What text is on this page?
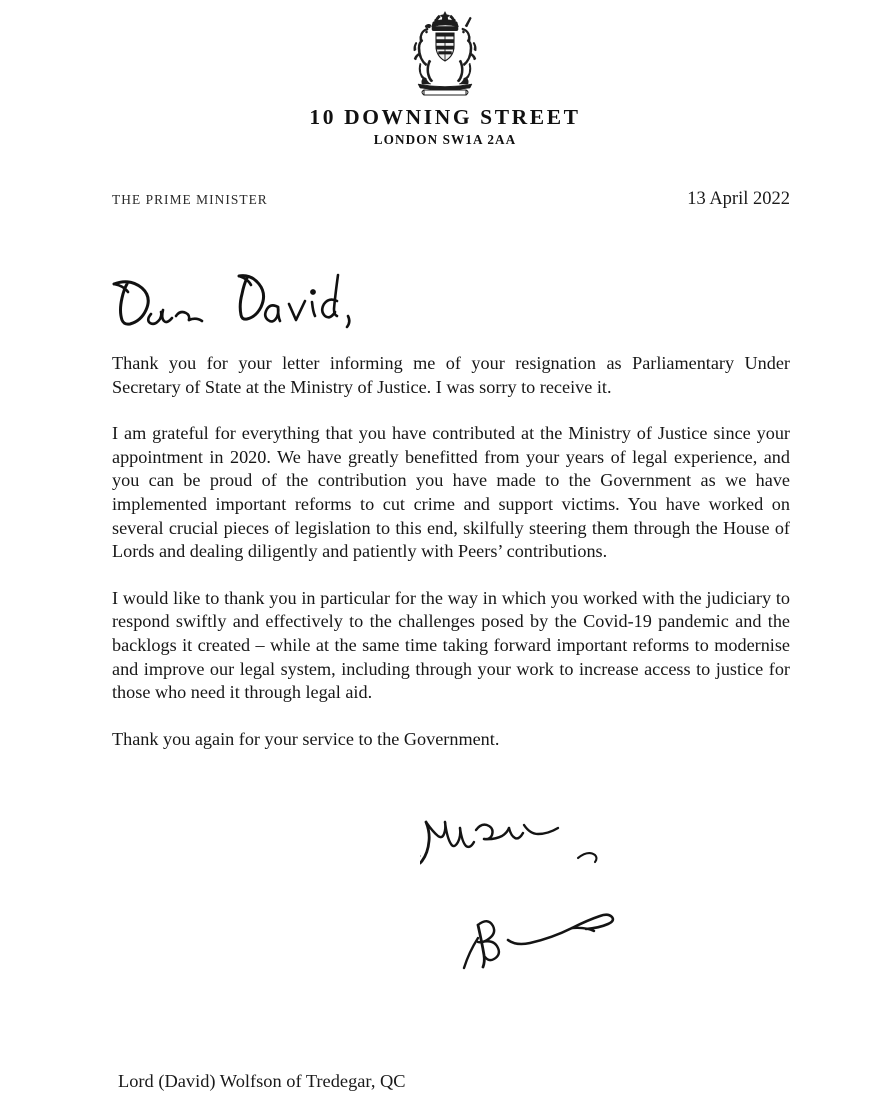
10 DOWNING STREET
LONDON SW1A 2AA
THE PRIME MINISTER	13 April 2022

Thank you for your letter informing me of your resignation as Parliamentary Under Secretary of State at the Ministry of Justice. I was sorry to receive it.

I am grateful for everything that you have contributed at the Ministry of Justice since your appointment in 2020. We have greatly benefitted from your years of legal experience, and you can be proud of the contribution you have made to the Government as we have implemented important reforms to cut crime and support victims. You have worked on several crucial pieces of legislation to this end, skilfully steering them through the House of Lords and dealing diligently and patiently with Peers’ contributions.

I would like to thank you in particular for the way in which you worked with the judiciary to respond swiftly and effectively to the challenges posed by the Covid-19 pandemic and the backlogs it created – while at the same time taking forward important reforms to modernise and improve our legal system, including through your work to increase access to justice for those who need it through legal aid.

Thank you again for your service to the Government.

Lord (David) Wolfson of Tredegar, QC
